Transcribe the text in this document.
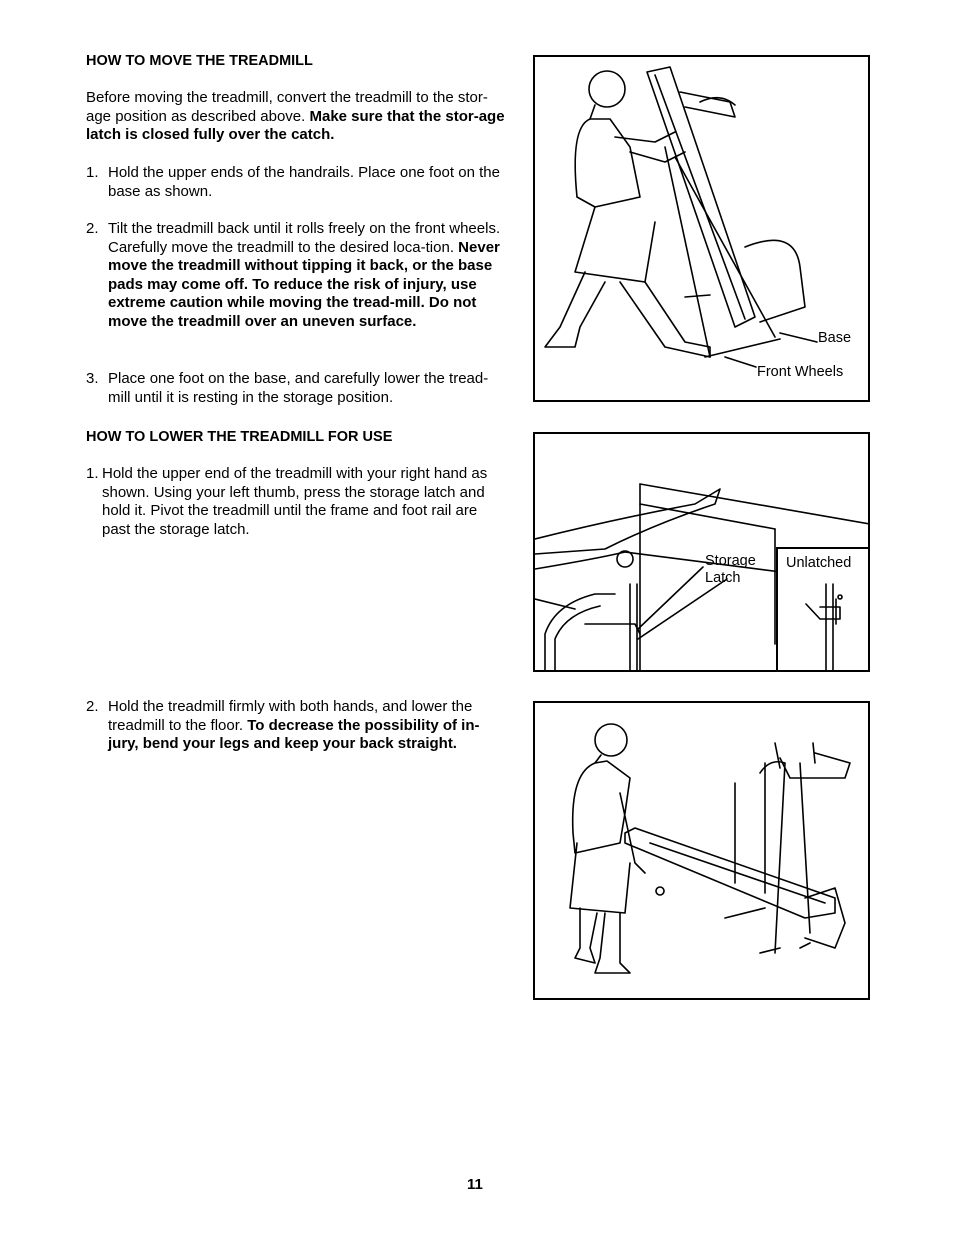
HOW TO MOVE THE TREADMILL
Before moving the treadmill, convert the treadmill to the stor-age position as described above. Make sure that the stor-age latch is closed fully over the catch.
1. Hold the upper ends of the handrails. Place one foot on the base as shown.
2. Tilt the treadmill back until it rolls freely on the front wheels. Carefully move the treadmill to the desired loca-tion. Never move the treadmill without tipping it back, or the base pads may come off. To reduce the risk of injury, use extreme caution while moving the tread-mill. Do not move the treadmill over an uneven surface.
3. Place one foot on the base, and carefully lower the tread-mill until it is resting in the storage position.
HOW TO LOWER THE TREADMILL FOR USE
1. Hold the upper end of the treadmill with your right hand as shown. Using your left thumb, press the storage latch and hold it. Pivot the treadmill until the frame and foot rail are past the storage latch.
2. Hold the treadmill firmly with both hands, and lower the treadmill to the floor. To decrease the possibility of in-jury, bend your legs and keep your back straight.
Base
Front Wheels
Storage
Latch
Unlatched
11
